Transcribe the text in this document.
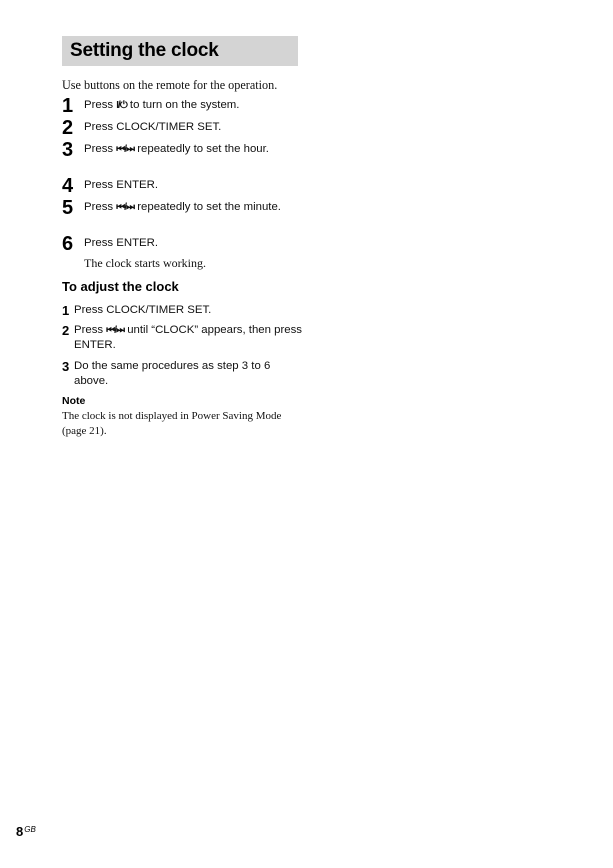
Setting the clock
Use buttons on the remote for the operation.
1 Press I/⏻ to turn on the system.
2 Press CLOCK/TIMER SET.
3 Press ⏮/⏭ repeatedly to set the hour.
4 Press ENTER.
5 Press ⏮/⏭ repeatedly to set the minute.
6 Press ENTER.
The clock starts working.
To adjust the clock
1 Press CLOCK/TIMER SET.
2 Press ⏮/⏭ until “CLOCK” appears, then press ENTER.
3 Do the same procedures as step 3 to 6 above.
Note
The clock is not displayed in Power Saving Mode (page 21).
$8^{GB}$
